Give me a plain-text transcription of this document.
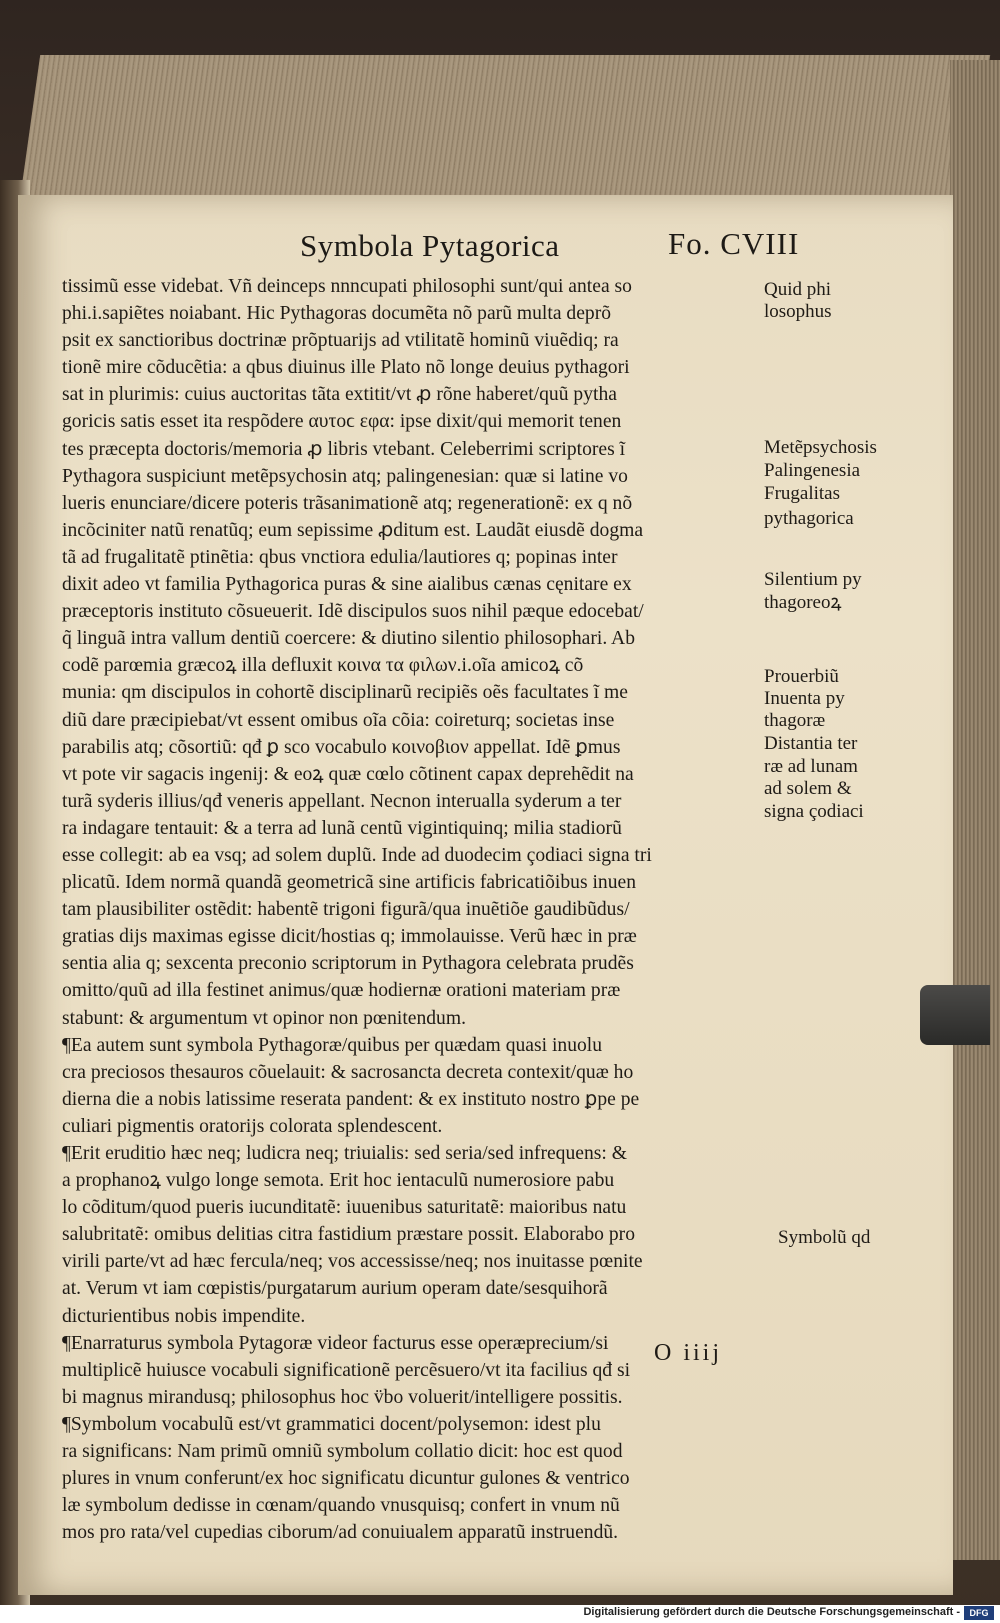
Symbola Pytagorica	Fo. CVIII
tissimũ esse videbat. Vñ deinceps nnncupati philosophi sunt/qui antea so
phi.i.sapiẽtes noiabant. Hic Pythagoras documẽta nõ parũ multa deprõ
psit ex sanctioribus doctrinæ prõptuarijs ad vtilitatẽ hominũ viuẽdiq; ra
tionẽ mire cõducẽtia: a qbus diuinus ille Plato nõ longe deuius pythagori
sat in plurimis: cuius auctoritas tãta extitit/vt ꝓ rõne haberet/quũ pytha
goricis satis esset ita respõdere αυτοϲ εφα: ipse dixit/qui memorit tenen
tes præcepta doctoris/memoria ꝓ libris vtebant. Celeberrimi scriptores ĩ
Pythagora suspiciunt metẽpsychosin atq; palingenesian: quæ si latine vo
lueris enunciare/dicere poteris trãsanimationẽ atq; regenerationẽ: ex q nõ
incõciniter natũ renatũq; eum sepissime ꝓditum est. Laudãt eiusdẽ dogma
tã ad frugalitatẽ ptinẽtia: qbus vnctiora edulia/lautiores q; popinas inter
dixit adeo vt familia Pythagorica puras & sine aialibus cænas cęnitare ex
præceptoris instituto cõsueuerit. Idẽ discipulos suos nihil pæque edocebat/
q̃ linguã intra vallum dentiũ coercere: & diutino silentio philosophari. Ab
codẽ parœmia græcoꝝ illa defluxit κοινα τα φιλων.i.oĩa amicoꝝ cõ
munia: qm discipulos in cohortẽ disciplinarũ recipiẽs oẽs facultates ĩ me
diũ dare præcipiebat/vt essent omibus oĩa cõia: coireturq; societas inse
parabilis atq; cõsortiũ: qđ ꝑ sco vocabulo κοινοβιον appellat. Idẽ ꝑmus
vt pote vir sagacis ingenij: & eoꝝ quæ cœlo cõtinent capax deprehẽdit na
turã syderis illius/qđ veneris appellant. Necnon interualla syderum a ter
ra indagare tentauit: & a terra ad lunã centũ vigintiquinq; milia stadiorũ
esse collegit: ab ea vsq; ad solem duplũ. Inde ad duodecim çodiaci signa tri
plicatũ. Idem normã quandã geometricã sine artificis fabricatiõibus inuen
tam plausibiliter ostẽdit: habentẽ trigoni figurã/qua inuẽtiõe gaudibũdus/
gratias dijs maximas egisse dicit/hostias q; immolauisse. Verũ hæc in præ
sentia alia q; sexcenta preconio scriptorum in Pythagora celebrata prudẽs
omitto/quũ ad illa festinet animus/quæ hodiernæ orationi materiam præ
stabunt: & argumentum vt opinor non pœnitendum.
¶Ea autem sunt symbola Pythagoræ/quibus per quædam quasi inuolu
cra preciosos thesauros cõuelauit: & sacrosancta decreta contexit/quæ ho
dierna die a nobis latissime reserata pandent: & ex instituto nostro ꝑpe pe
culiari pigmentis oratorijs colorata splendescent.
¶Erit eruditio hæc neq; ludicra neq; triuialis: sed seria/sed infrequens: &
a prophanoꝝ vulgo longe semota. Erit hoc ientaculũ numerosiore pabu
lo cõditum/quod pueris iucunditatẽ: iuuenibus saturitatẽ: maioribus natu
salubritatẽ: omibus delitias citra fastidium præstare possit. Elaborabo pro
virili parte/vt ad hæc fercula/neq; vos accessisse/neq; nos inuitasse pœnite
at. Verum vt iam cœpistis/purgatarum aurium operam date/sesquihorã
dicturientibus nobis impendite.
¶Enarraturus symbola Pytagoræ videor facturus esse operæprecium/si
multiplicẽ huiusce vocabuli significationẽ percẽsuero/vt ita facilius qđ si
bi magnus mirandusq; philosophus hoc v̈bo voluerit/intelligere possitis.
¶Symbolum vocabulũ est/vt grammatici docent/polysemon: idest plu
ra significans: Nam primũ omniũ symbolum collatio dicit: hoc est quod
plures in vnum conferunt/ex hoc significatu dicuntur gulones & ventrico
læ symbolum dedisse in cœnam/quando vnusquisq; confert in vnum nũ
mos pro rata/vel cupedias ciborum/ad conuiualem apparatũ instruendũ.
Quid phi
losophus
Metẽpsychosis
Palingenesia
Frugalitas
pythagorica
Silentium py
thagoreoꝝ
Prouerbiũ
Inuenta py
thagoræ
Distantia ter
ræ ad lunam
ad solem &
signa çodiaci
Symbolũ qd
O iiij
Digitalisierung gefördert durch die Deutsche Forschungsgemeinschaft -	DFG
